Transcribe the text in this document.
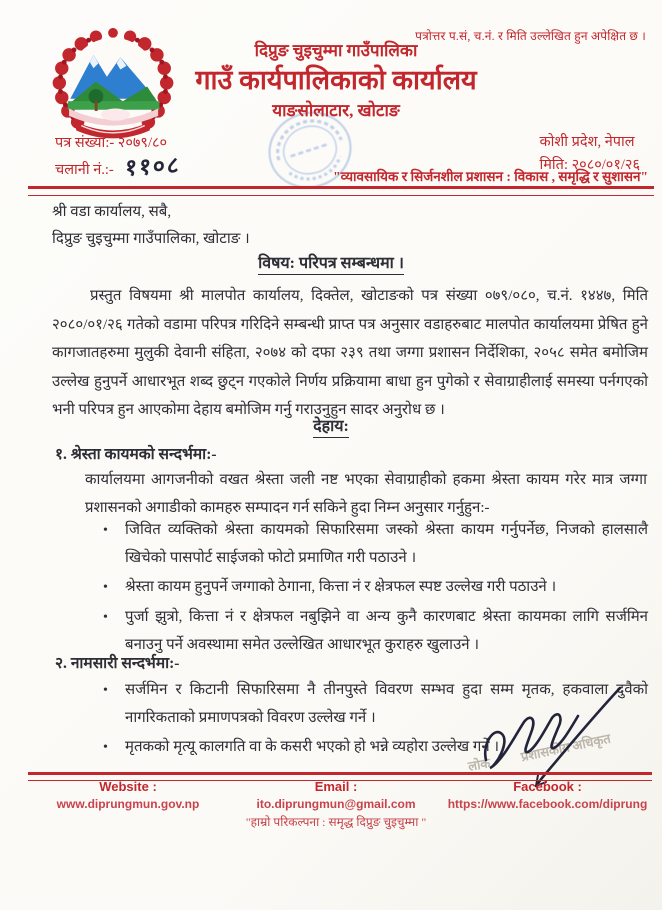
पत्रोत्तर प.सं, च.नं. र मिति उल्लेखित हुन अपेक्षित छ ।
दिप्रुङ चुइचुम्मा गाउँपालिका
गाउँ कार्यपालिकाको कार्यालय
याङसोलाटार, खोटाङ
पत्र संख्या:- २०७९/८०
चलानी नं.:- ११०८
कोशी प्रदेश, नेपाल
मिति: २०८०/०१/२६
"व्यावसायिक र सिर्जनशील प्रशासन : विकास , समृद्धि र सुशासन"
श्री वडा कार्यालय, सबै,
दिप्रुङ चुइचुम्मा गाउँपालिका, खोटाङ ।
विषय: परिपत्र सम्बन्धमा ।
प्रस्तुत विषयमा श्री मालपोत कार्यालय, दिक्तेल, खोटाङको पत्र संख्या ०७९/०८०, च.नं. १४४७, मिति २०८०/०१/२६ गतेको वडामा परिपत्र गरिदिने सम्बन्धी प्राप्त पत्र अनुसार वडाहरुबाट मालपोत कार्यालयमा प्रेषित हुने कागजातहरुमा मुलुकी देवानी संहिता, २०७४ को दफा २३९ तथा जग्गा प्रशासन निर्देशिका, २०५८ समेत बमोजिम उल्लेख हुनुपर्ने आधारभूत शब्द छुट्न गएकोले निर्णय प्रक्रियामा बाधा हुन पुगेको र सेवाग्राहीलाई समस्या पर्नगएको भनी परिपत्र हुन आएकोमा देहाय बमोजिम गर्नु गराउनुहुन सादर अनुरोध छ ।
देहाय:
१. श्रेस्ता कायमको सन्दर्भमा:-
कार्यालयमा आगजनीको वखत श्रेस्ता जली नष्ट भएका सेवाग्राहीको हकमा श्रेस्ता कायम गरेर मात्र जग्गा प्रशासनको अगाडीको कामहरु सम्पादन गर्न सकिने हुदा निम्न अनुसार गर्नुहुन:-
•
जिवित व्यक्तिको श्रेस्ता कायमको सिफारिसमा जस्को श्रेस्ता कायम गर्नुपर्नेछ, निजको हालसालै खिचेको पासपोर्ट साईजको फोटो प्रमाणित गरी पठाउने ।
•
श्रेस्ता कायम हुनुपर्ने जग्गाको ठेगाना, कित्ता नं र क्षेत्रफल स्पष्ट उल्लेख गरी पठाउने ।
•
पुर्जा झुत्रो, कित्ता नं र क्षेत्रफल नबुझिने वा अन्य कुनै कारणबाट श्रेस्ता कायमका लागि सर्जमिन बनाउनु पर्ने अवस्थामा समेत उल्लेखित आधारभूत कुराहरु खुलाउने ।
२. नामसारी सन्दर्भमा:-
•
सर्जमिन र किटानी सिफारिसमा नै तीनपुस्ते विवरण सम्भव हुदा सम्म मृतक, हकवाला दुवैको नागरिकताको प्रमाणपत्रको विवरण उल्लेख गर्ने ।
•
मृतकको मृत्यू कालगति वा के कसरी भएको हो भन्ने व्यहोरा उल्लेख गर्ने ।
लोक
प्रशासकीय अधिकृत
Website :
www.diprungmun.gov.np
Email :
ito.diprungmun@gmail.com
Facebook :
https://www.facebook.com/diprung
"हाम्रो परिकल्पना : समृद्ध दिप्रुङ चुइचुम्मा "
